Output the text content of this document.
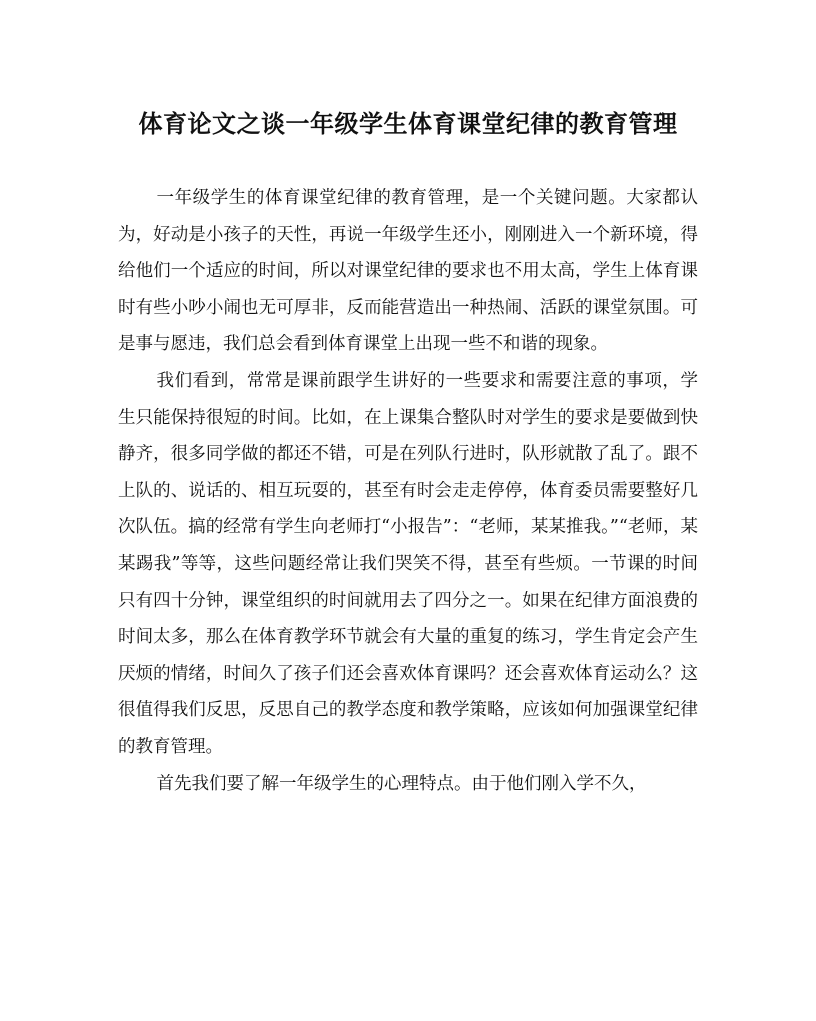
体育论文之谈一年级学生体育课堂纪律的教育管理

一年级学生的体育课堂纪律的教育管理，是一个关键问题。大家都认为，好动是小孩子的天性，再说一年级学生还小，刚刚进入一个新环境，得给他们一个适应的时间，所以对课堂纪律的要求也不用太高，学生上体育课时有些小吵小闹也无可厚非，反而能营造出一种热闹、活跃的课堂氛围。可是事与愿违，我们总会看到体育课堂上出现一些不和谐的现象。

我们看到，常常是课前跟学生讲好的一些要求和需要注意的事项，学生只能保持很短的时间。比如，在上课集合整队时对学生的要求是要做到快静齐，很多同学做的都还不错，可是在列队行进时，队形就散了乱了。跟不上队的、说话的、相互玩耍的，甚至有时会走走停停，体育委员需要整好几次队伍。搞的经常有学生向老师打“小报告”：“老师，某某推我。”“老师，某某踢我”等等，这些问题经常让我们哭笑不得，甚至有些烦。一节课的时间只有四十分钟，课堂组织的时间就用去了四分之一。如果在纪律方面浪费的时间太多，那么在体育教学环节就会有大量的重复的练习，学生肯定会产生厌烦的情绪，时间久了孩子们还会喜欢体育课吗？还会喜欢体育运动么？这很值得我们反思，反思自己的教学态度和教学策略，应该如何加强课堂纪律的教育管理。

首先我们要了解一年级学生的心理特点。由于他们刚入学不久，
